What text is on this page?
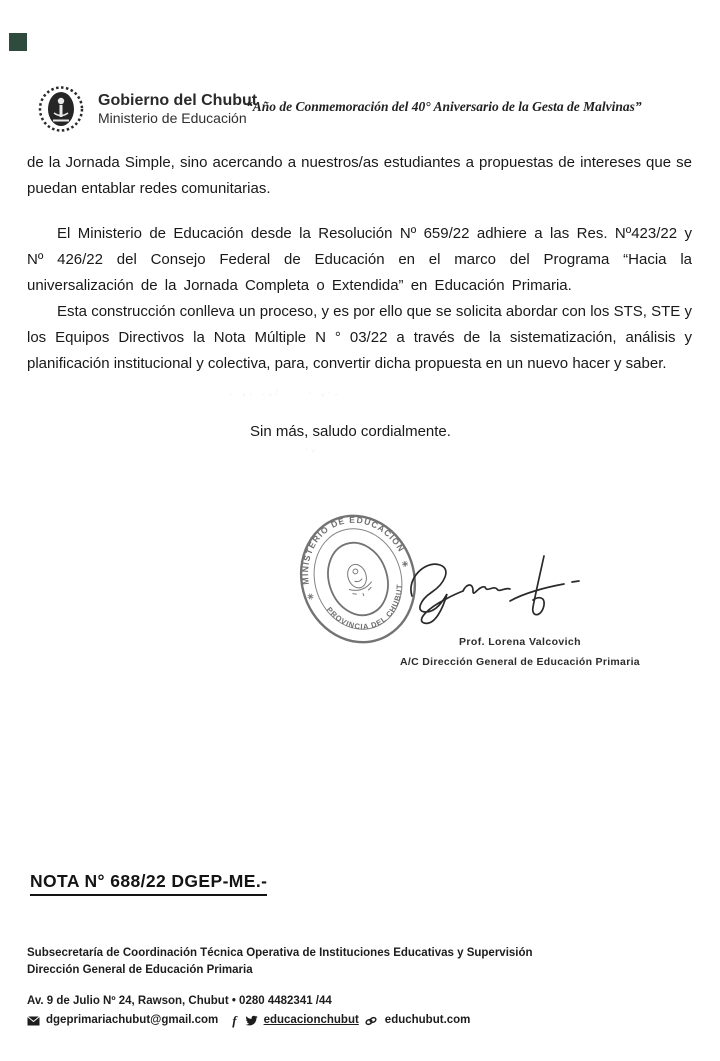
Gobierno del Chubut
Ministerio de Educación
“Año de Conmemoración del 40° Aniversario de la Gesta de Malvinas”

de la Jornada Simple, sino acercando a nuestros/as estudiantes a propuestas de intereses que se puedan entablar redes comunitarias.

El Ministerio de Educación desde la Resolución Nº 659/22 adhiere a las Res. Nº423/22 y Nº 426/22 del Consejo Federal de Educación en el marco del Programa “Hacia la universalización de la Jornada Completa o Extendida” en Educación Primaria.

Esta construcción conlleva un proceso, y es por ello que se solicita abordar con los STS, STE y los Equipos Directivos la Nota Múltiple N ° 03/22 a través de la sistematización, análisis y planificación institucional y colectiva, para, convertir dicha propuesta en un nuevo hacer y saber.

. ,. .,:    · ,·.
·,

Sin más, saludo cordialmente.

MINISTERIO DE EDUCACIÓN
PROVINCIA DEL CHUBUT
✳
✳
Prof. Lorena Valcovich
A/C Dirección General de Educación Primaria
NOTA N° 688/22 DGEP-ME.-
Subsecretaría de Coordinación Técnica Operativa de Instituciones Educativas y Supervisión
Dirección General de Educación Primaria
Av. 9 de Julio Nº 24, Rawson, Chubut • 0280 4482341 /44
dgeprimariachubut@gmail.com f educacionchubut educhubut.com
